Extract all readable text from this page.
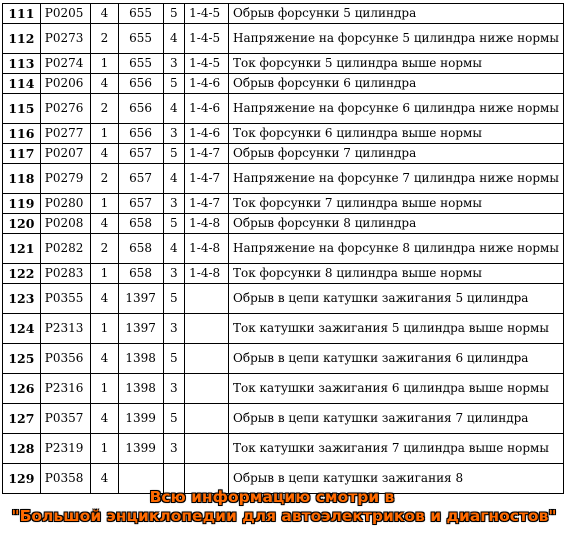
111	P0205	4	655	5	1-4-5	Обрыв форсунки 5 цилиндра
112	P0273	2	655	4	1-4-5	Напряжение на форсунке 5 цилиндра ниже нормы
113	P0274	1	655	3	1-4-5	Ток форсунки 5 цилиндра выше нормы
114	P0206	4	656	5	1-4-6	Обрыв форсунки 6 цилиндра
115	P0276	2	656	4	1-4-6	Напряжение на форсунке 6 цилиндра ниже нормы
116	P0277	1	656	3	1-4-6	Ток форсунки 6 цилиндра выше нормы
117	P0207	4	657	5	1-4-7	Обрыв форсунки 7 цилиндра
118	P0279	2	657	4	1-4-7	Напряжение на форсунке 7 цилиндра ниже нормы
119	P0280	1	657	3	1-4-7	Ток форсунки 7 цилиндра выше нормы
120	P0208	4	658	5	1-4-8	Обрыв форсунки 8 цилиндра
121	P0282	2	658	4	1-4-8	Напряжение на форсунке 8 цилиндра ниже нормы
122	P0283	1	658	3	1-4-8	Ток форсунки 8 цилиндра выше нормы
123	P0355	4	1397	5		Обрыв в цепи катушки зажигания 5 цилиндра
124	P2313	1	1397	3		Ток катушки зажигания 5 цилиндра выше нормы
125	P0356	4	1398	5		Обрыв в цепи катушки зажигания 6 цилиндра
126	P2316	1	1398	3		Ток катушки зажигания 6 цилиндра выше нормы
127	P0357	4	1399	5		Обрыв в цепи катушки зажигания 7 цилиндра
128	P2319	1	1399	3		Ток катушки зажигания 7 цилиндра выше нормы
129	P0358	4				Обрыв в цепи катушки зажигания 8
Всю информацию смотри в
"Большой энциклопедии для автоэлектриков и диагностов"
